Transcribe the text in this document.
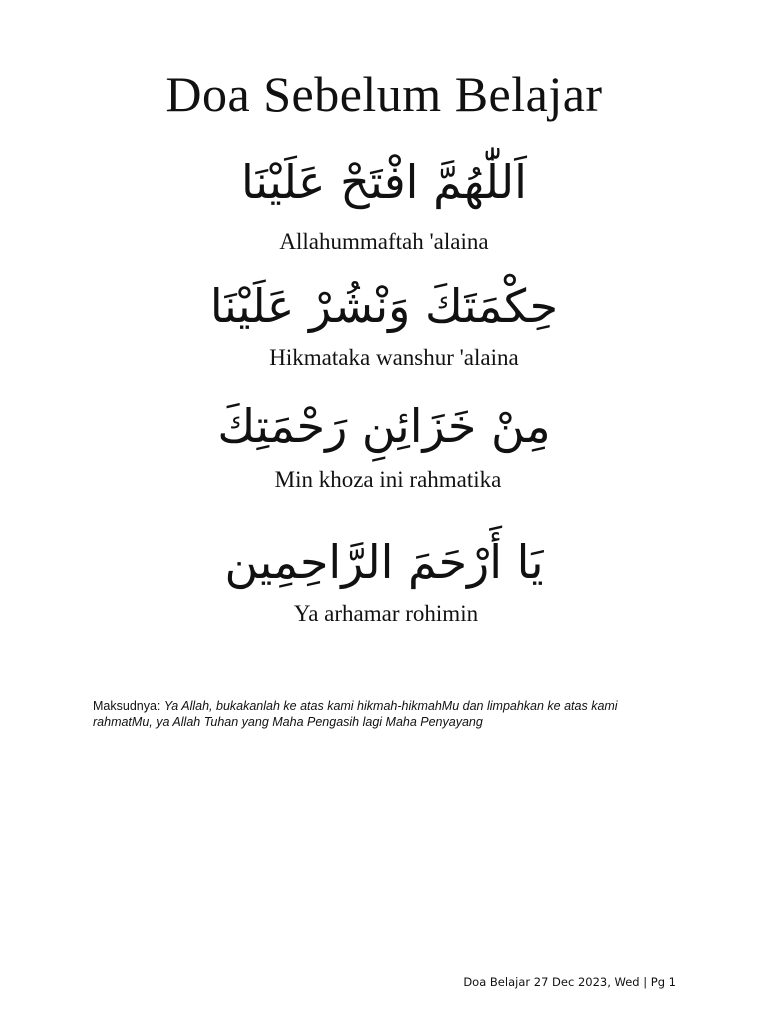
Doa Sebelum Belajar
اَللّٰهُمَّ افْتَحْ عَلَيْنَا
Allahummaftah 'alaina
حِكْمَتَكَ وَنْشُرْ عَلَيْنَا
Hikmataka wanshur 'alaina
مِنْ خَزَائِنِ رَحْمَتِكَ
Min khoza ini rahmatika
يَا أَرْحَمَ الرَّاحِمِين
Ya arhamar rohimin
Maksudnya: Ya Allah, bukakanlah ke atas kami hikmah-hikmahMu dan limpahkan ke atas kami rahmatMu, ya Allah Tuhan yang Maha Pengasih lagi Maha Penyayang
Doa Belajar 27 Dec 2023, Wed | Pg 1
